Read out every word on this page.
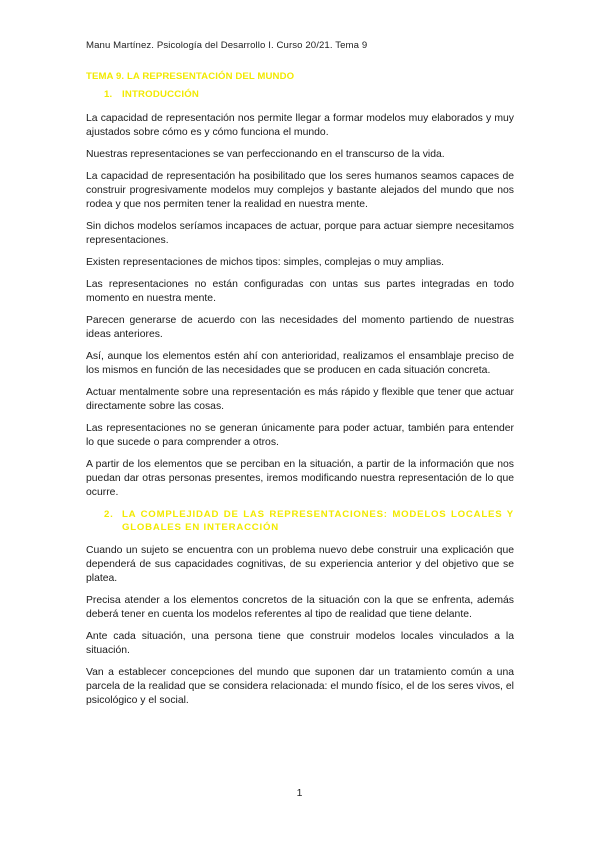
Manu Martínez. Psicología del Desarrollo I. Curso 20/21. Tema 9
TEMA 9. LA REPRESENTACIÓN DEL MUNDO
1. INTRODUCCIÓN

La capacidad de representación nos permite llegar a formar modelos muy elaborados y muy ajustados sobre cómo es y cómo funciona el mundo.

Nuestras representaciones se van perfeccionando en el transcurso de la vida.

La capacidad de representación ha posibilitado que los seres humanos seamos capaces de construir progresivamente modelos muy complejos y bastante alejados del mundo que nos rodea y que nos permiten tener la realidad en nuestra mente.

Sin dichos modelos seríamos incapaces de actuar, porque para actuar siempre necesitamos representaciones.

Existen representaciones de michos tipos: simples, complejas o muy amplias.

Las representaciones no están configuradas con untas sus partes integradas en todo momento en nuestra mente.

Parecen generarse de acuerdo con las necesidades del momento partiendo de nuestras ideas anteriores.

Así, aunque los elementos estén ahí con anterioridad, realizamos el ensamblaje preciso de los mismos en función de las necesidades que se producen en cada situación concreta.

Actuar mentalmente sobre una representación es más rápido y flexible que tener que actuar directamente sobre las cosas.

Las representaciones no se generan únicamente para poder actuar, también para entender lo que sucede o para comprender a otros.

A partir de los elementos que se perciban en la situación, a partir de la información que nos puedan dar otras personas presentes, iremos modificando nuestra representación de lo que ocurre.

2. LA COMPLEJIDAD DE LAS REPRESENTACIONES: MODELOS LOCALES Y GLOBALES EN INTERACCIÓN

Cuando un sujeto se encuentra con un problema nuevo debe construir una explicación que dependerá de sus capacidades cognitivas, de su experiencia anterior y del objetivo que se platea.

Precisa atender a los elementos concretos de la situación con la que se enfrenta, además deberá tener en cuenta los modelos referentes al tipo de realidad que tiene delante.

Ante cada situación, una persona tiene que construir modelos locales vinculados a la situación.

Van a establecer concepciones del mundo que suponen dar un tratamiento común a una parcela de la realidad que se considera relacionada: el mundo físico, el de los seres vivos, el psicológico y el social.

1
